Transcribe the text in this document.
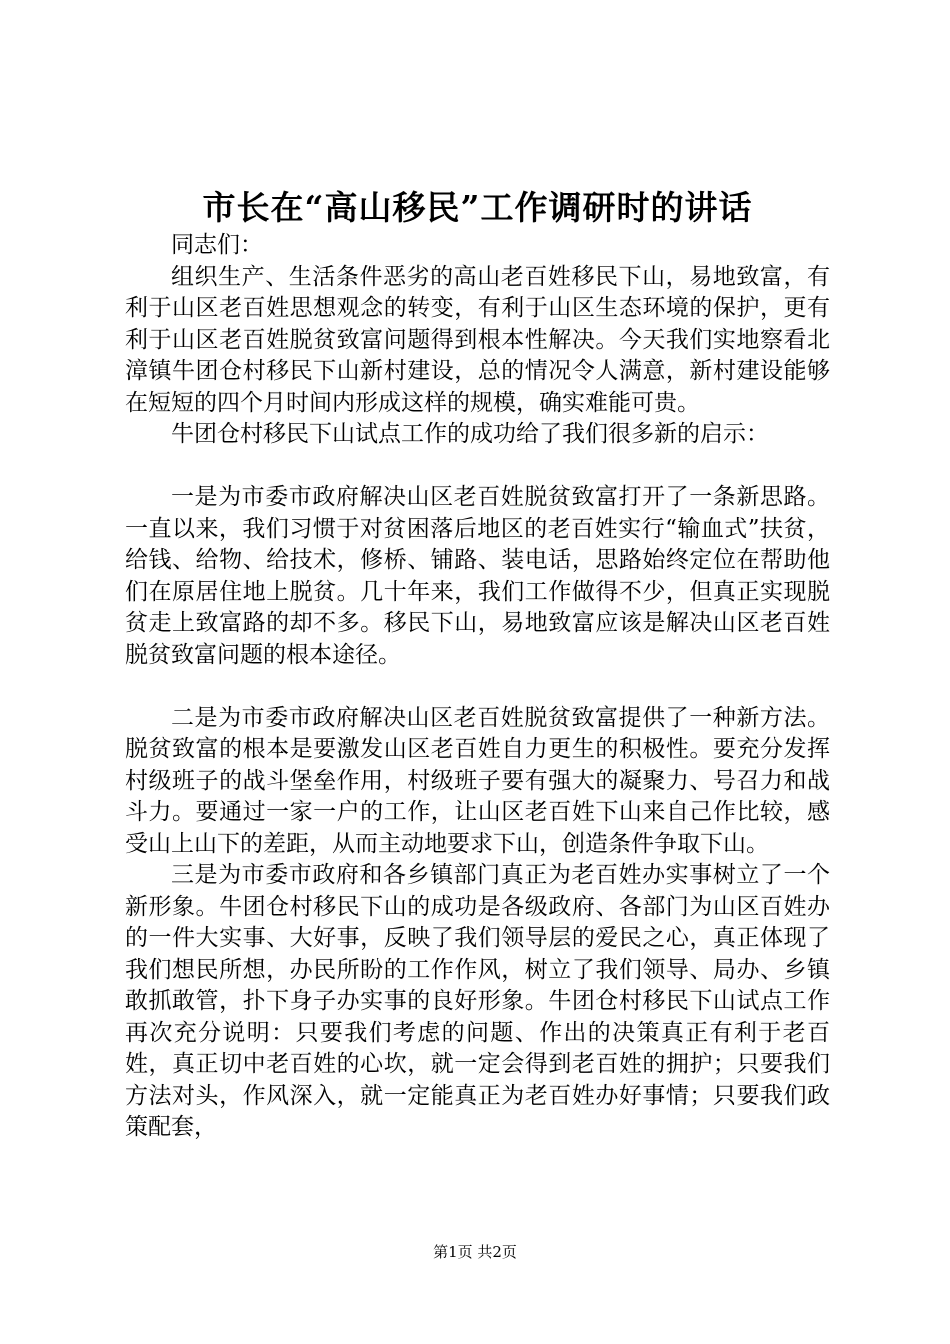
市长在“高山移民”工作调研时的讲话

同志们：

组织生产、生活条件恶劣的高山老百姓移民下山，易地致富，有利于山区老百姓思想观念的转变，有利于山区生态环境的保护，更有利于山区老百姓脱贫致富问题得到根本性解决。今天我们实地察看北漳镇牛团仓村移民下山新村建设，总的情况令人满意，新村建设能够在短短的四个月时间内形成这样的规模，确实难能可贵。

牛团仓村移民下山试点工作的成功给了我们很多新的启示：

一是为市委市政府解决山区老百姓脱贫致富打开了一条新思路。一直以来，我们习惯于对贫困落后地区的老百姓实行“输血式”扶贫，给钱、给物、给技术，修桥、铺路、装电话，思路始终定位在帮助他们在原居住地上脱贫。几十年来，我们工作做得不少，但真正实现脱贫走上致富路的却不多。移民下山，易地致富应该是解决山区老百姓脱贫致富问题的根本途径。

二是为市委市政府解决山区老百姓脱贫致富提供了一种新方法。脱贫致富的根本是要激发山区老百姓自力更生的积极性。要充分发挥村级班子的战斗堡垒作用，村级班子要有强大的凝聚力、号召力和战斗力。要通过一家一户的工作，让山区老百姓下山来自己作比较，感受山上山下的差距，从而主动地要求下山，创造条件争取下山。

三是为市委市政府和各乡镇部门真正为老百姓办实事树立了一个新形象。牛团仓村移民下山的成功是各级政府、各部门为山区百姓办的一件大实事、大好事，反映了我们领导层的爱民之心，真正体现了我们想民所想，办民所盼的工作作风，树立了我们领导、局办、乡镇敢抓敢管，扑下身子办实事的良好形象。牛团仓村移民下山试点工作再次充分说明：只要我们考虑的问题、作出的决策真正有利于老百姓，真正切中老百姓的心坎，就一定会得到老百姓的拥护；只要我们方法对头，作风深入，就一定能真正为老百姓办好事情；只要我们政策配套，

第1页 共2页
